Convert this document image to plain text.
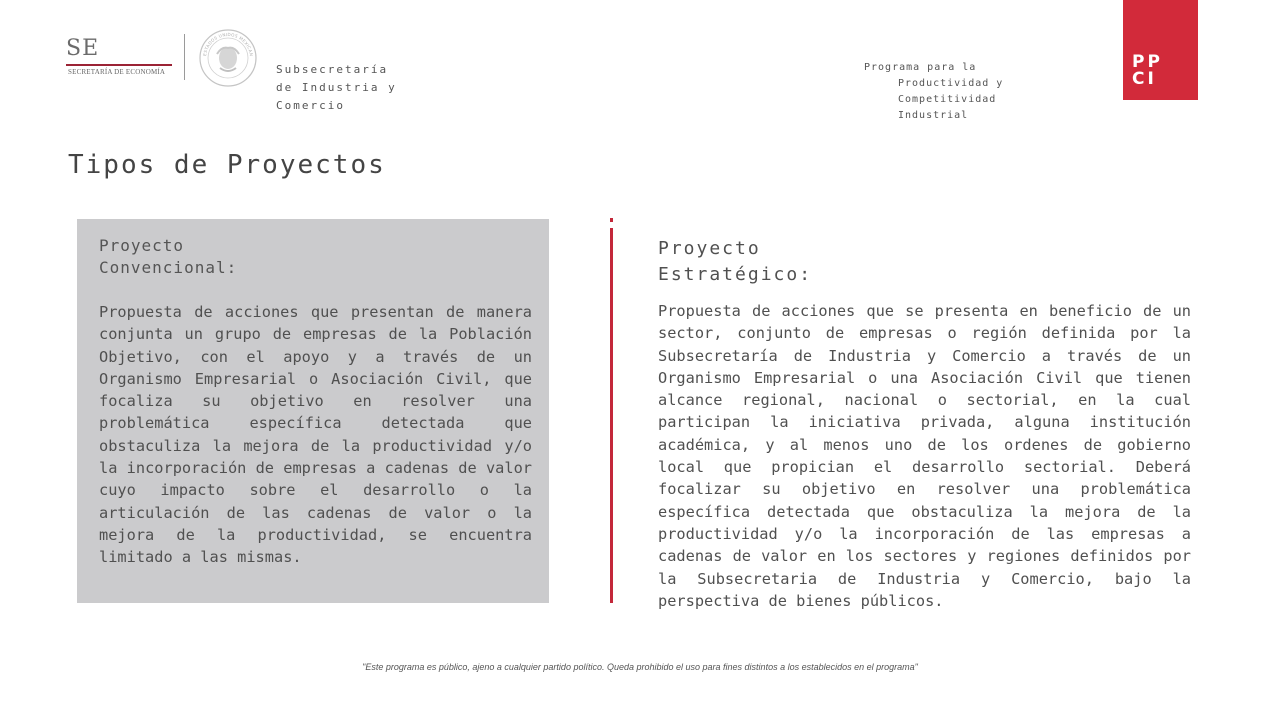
SE
SECRETARÍA DE ECONOMÍA
ESTADOS UNIDOS MEXICAN
Subsecretaría
de Industria y
Comercio
Programa para la
Productividad y
Competitividad
Industrial
PP
CI
Tipos de Proyectos
Proyecto
Convencional:
Propuesta de acciones que presentan de manera conjunta un grupo de empresas de la Población Objetivo, con el apoyo y a través de un Organismo Empresarial o Asociación Civil, que focaliza su objetivo en resolver una problemática específica detectada que obstaculiza la mejora de la productividad y/o la incorporación de empresas a cadenas de valor cuyo impacto sobre el desarrollo o la articulación de las cadenas de valor o la mejora de la productividad, se encuentra limitado a las mismas.
Proyecto
Estratégico:
Propuesta de acciones que se presenta en beneficio de un sector, conjunto de empresas o región definida por la Subsecretaría de Industria y Comercio a través de un Organismo Empresarial o una Asociación Civil que tienen alcance regional, nacional o sectorial, en la cual participan la iniciativa privada, alguna institución académica, y al menos uno de los ordenes de gobierno local que propician el desarrollo sectorial. Deberá focalizar su objetivo en resolver una problemática específica detectada que obstaculiza la mejora de la productividad y/o la incorporación de las empresas a cadenas de valor en los sectores y regiones definidos por la Subsecretaria de Industria y Comercio, bajo la perspectiva de bienes públicos.
"Este programa es público, ajeno a cualquier partido político. Queda prohibido el uso para fines distintos a los establecidos en el programa"
